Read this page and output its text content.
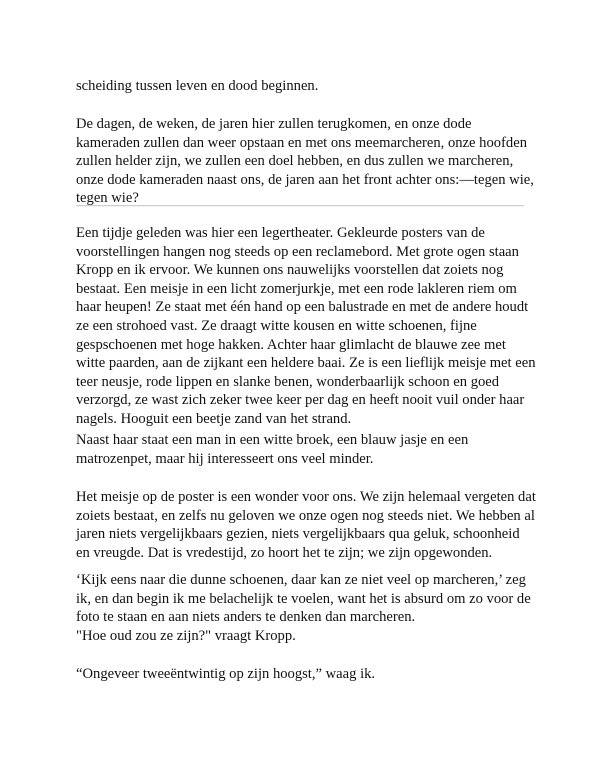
scheiding tussen leven en dood beginnen.

De dagen, de weken, de jaren hier zullen terugkomen, en onze dode kameraden zullen dan weer opstaan en met ons meemarcheren, onze hoofden zullen helder zijn, we zullen een doel hebben, en dus zullen we marcheren, onze dode kameraden naast ons, de jaren aan het front achter ons:—tegen wie, tegen wie?

Een tijdje geleden was hier een legertheater. Gekleurde posters van de voorstellingen hangen nog steeds op een reclamebord. Met grote ogen staan Kropp en ik ervoor. We kunnen ons nauwelijks voorstellen dat zoiets nog bestaat. Een meisje in een licht zomerjurkje, met een rode lakleren riem om haar heupen! Ze staat met één hand op een balustrade en met de andere houdt ze een strohoed vast. Ze draagt witte kousen en witte schoenen, fijne gespschoenen met hoge hakken. Achter haar glimlacht de blauwe zee met witte paarden, aan de zijkant een heldere baai. Ze is een lieflijk meisje met een teer neusje, rode lippen en slanke benen, wonderbaarlijk schoon en goed verzorgd, ze wast zich zeker twee keer per dag en heeft nooit vuil onder haar nagels. Hooguit een beetje zand van het strand.

Naast haar staat een man in een witte broek, een blauw jasje en een matrozenpet, maar hij interesseert ons veel minder.

Het meisje op de poster is een wonder voor ons. We zijn helemaal vergeten dat zoiets bestaat, en zelfs nu geloven we onze ogen nog steeds niet. We hebben al jaren niets vergelijkbaars gezien, niets vergelijkbaars qua geluk, schoonheid en vreugde. Dat is vredestijd, zo hoort het te zijn; we zijn opgewonden.

‘Kijk eens naar die dunne schoenen, daar kan ze niet veel op marcheren,’ zeg ik, en dan begin ik me belachelijk te voelen, want het is absurd om zo voor de foto te staan en aan niets anders te denken dan marcheren.

"Hoe oud zou ze zijn?" vraagt Kropp.

“Ongeveer tweeëntwintig op zijn hoogst,” waag ik.
